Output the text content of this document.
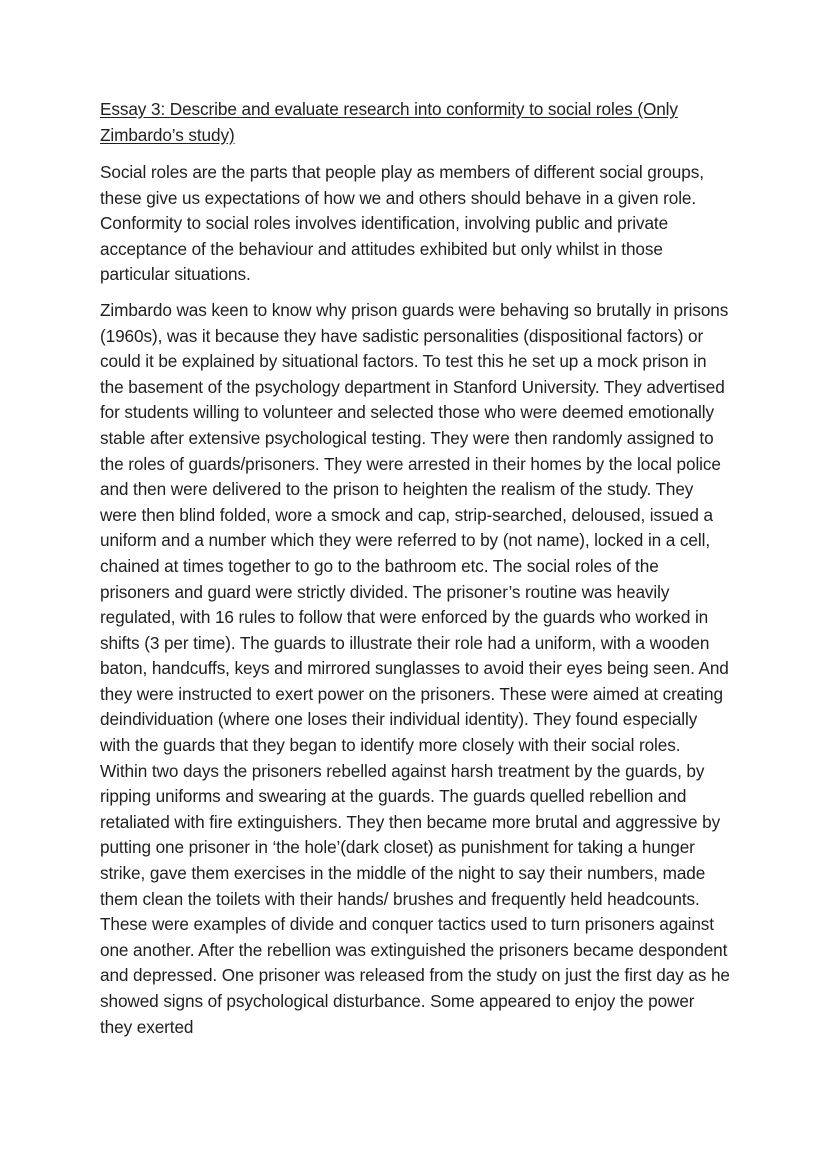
Essay 3: Describe and evaluate research into conformity to social roles (Only Zimbardo’s study)

Social roles are the parts that people play as members of different social groups, these give us expectations of how we and others should behave in a given role. Conformity to social roles involves identification, involving public and private acceptance of the behaviour and attitudes exhibited but only whilst in those particular situations.

Zimbardo was keen to know why prison guards were behaving so brutally in prisons (1960s), was it because they have sadistic personalities (dispositional factors) or could it be explained by situational factors. To test this he set up a mock prison in the basement of the psychology department in Stanford University. They advertised for students willing to volunteer and selected those who were deemed emotionally stable after extensive psychological testing. They were then randomly assigned to the roles of guards/prisoners. They were arrested in their homes by the local police and then were delivered to the prison to heighten the realism of the study. They were then blind folded, wore a smock and cap, strip-searched, deloused, issued a uniform and a number which they were referred to by (not name), locked in a cell, chained at times together to go to the bathroom etc. The social roles of the prisoners and guard were strictly divided. The prisoner’s routine was heavily regulated, with 16 rules to follow that were enforced by the guards who worked in shifts (3 per time). The guards to illustrate their role had a uniform, with a wooden baton, handcuffs, keys and mirrored sunglasses to avoid their eyes being seen. And they were instructed to exert power on the prisoners. These were aimed at creating deindividuation (where one loses their individual identity). They found especially with the guards that they began to identify more closely with their social roles. Within two days the prisoners rebelled against harsh treatment by the guards, by ripping uniforms and swearing at the guards. The guards quelled rebellion and retaliated with fire extinguishers. They then became more brutal and aggressive by putting one prisoner in ‘the hole’(dark closet) as punishment for taking a hunger strike, gave them exercises in the middle of the night to say their numbers, made them clean the toilets with their hands/ brushes and frequently held headcounts. These were examples of divide and conquer tactics used to turn prisoners against one another. After the rebellion was extinguished the prisoners became despondent and depressed. One prisoner was released from the study on just the first day as he showed signs of psychological disturbance. Some appeared to enjoy the power they exerted
